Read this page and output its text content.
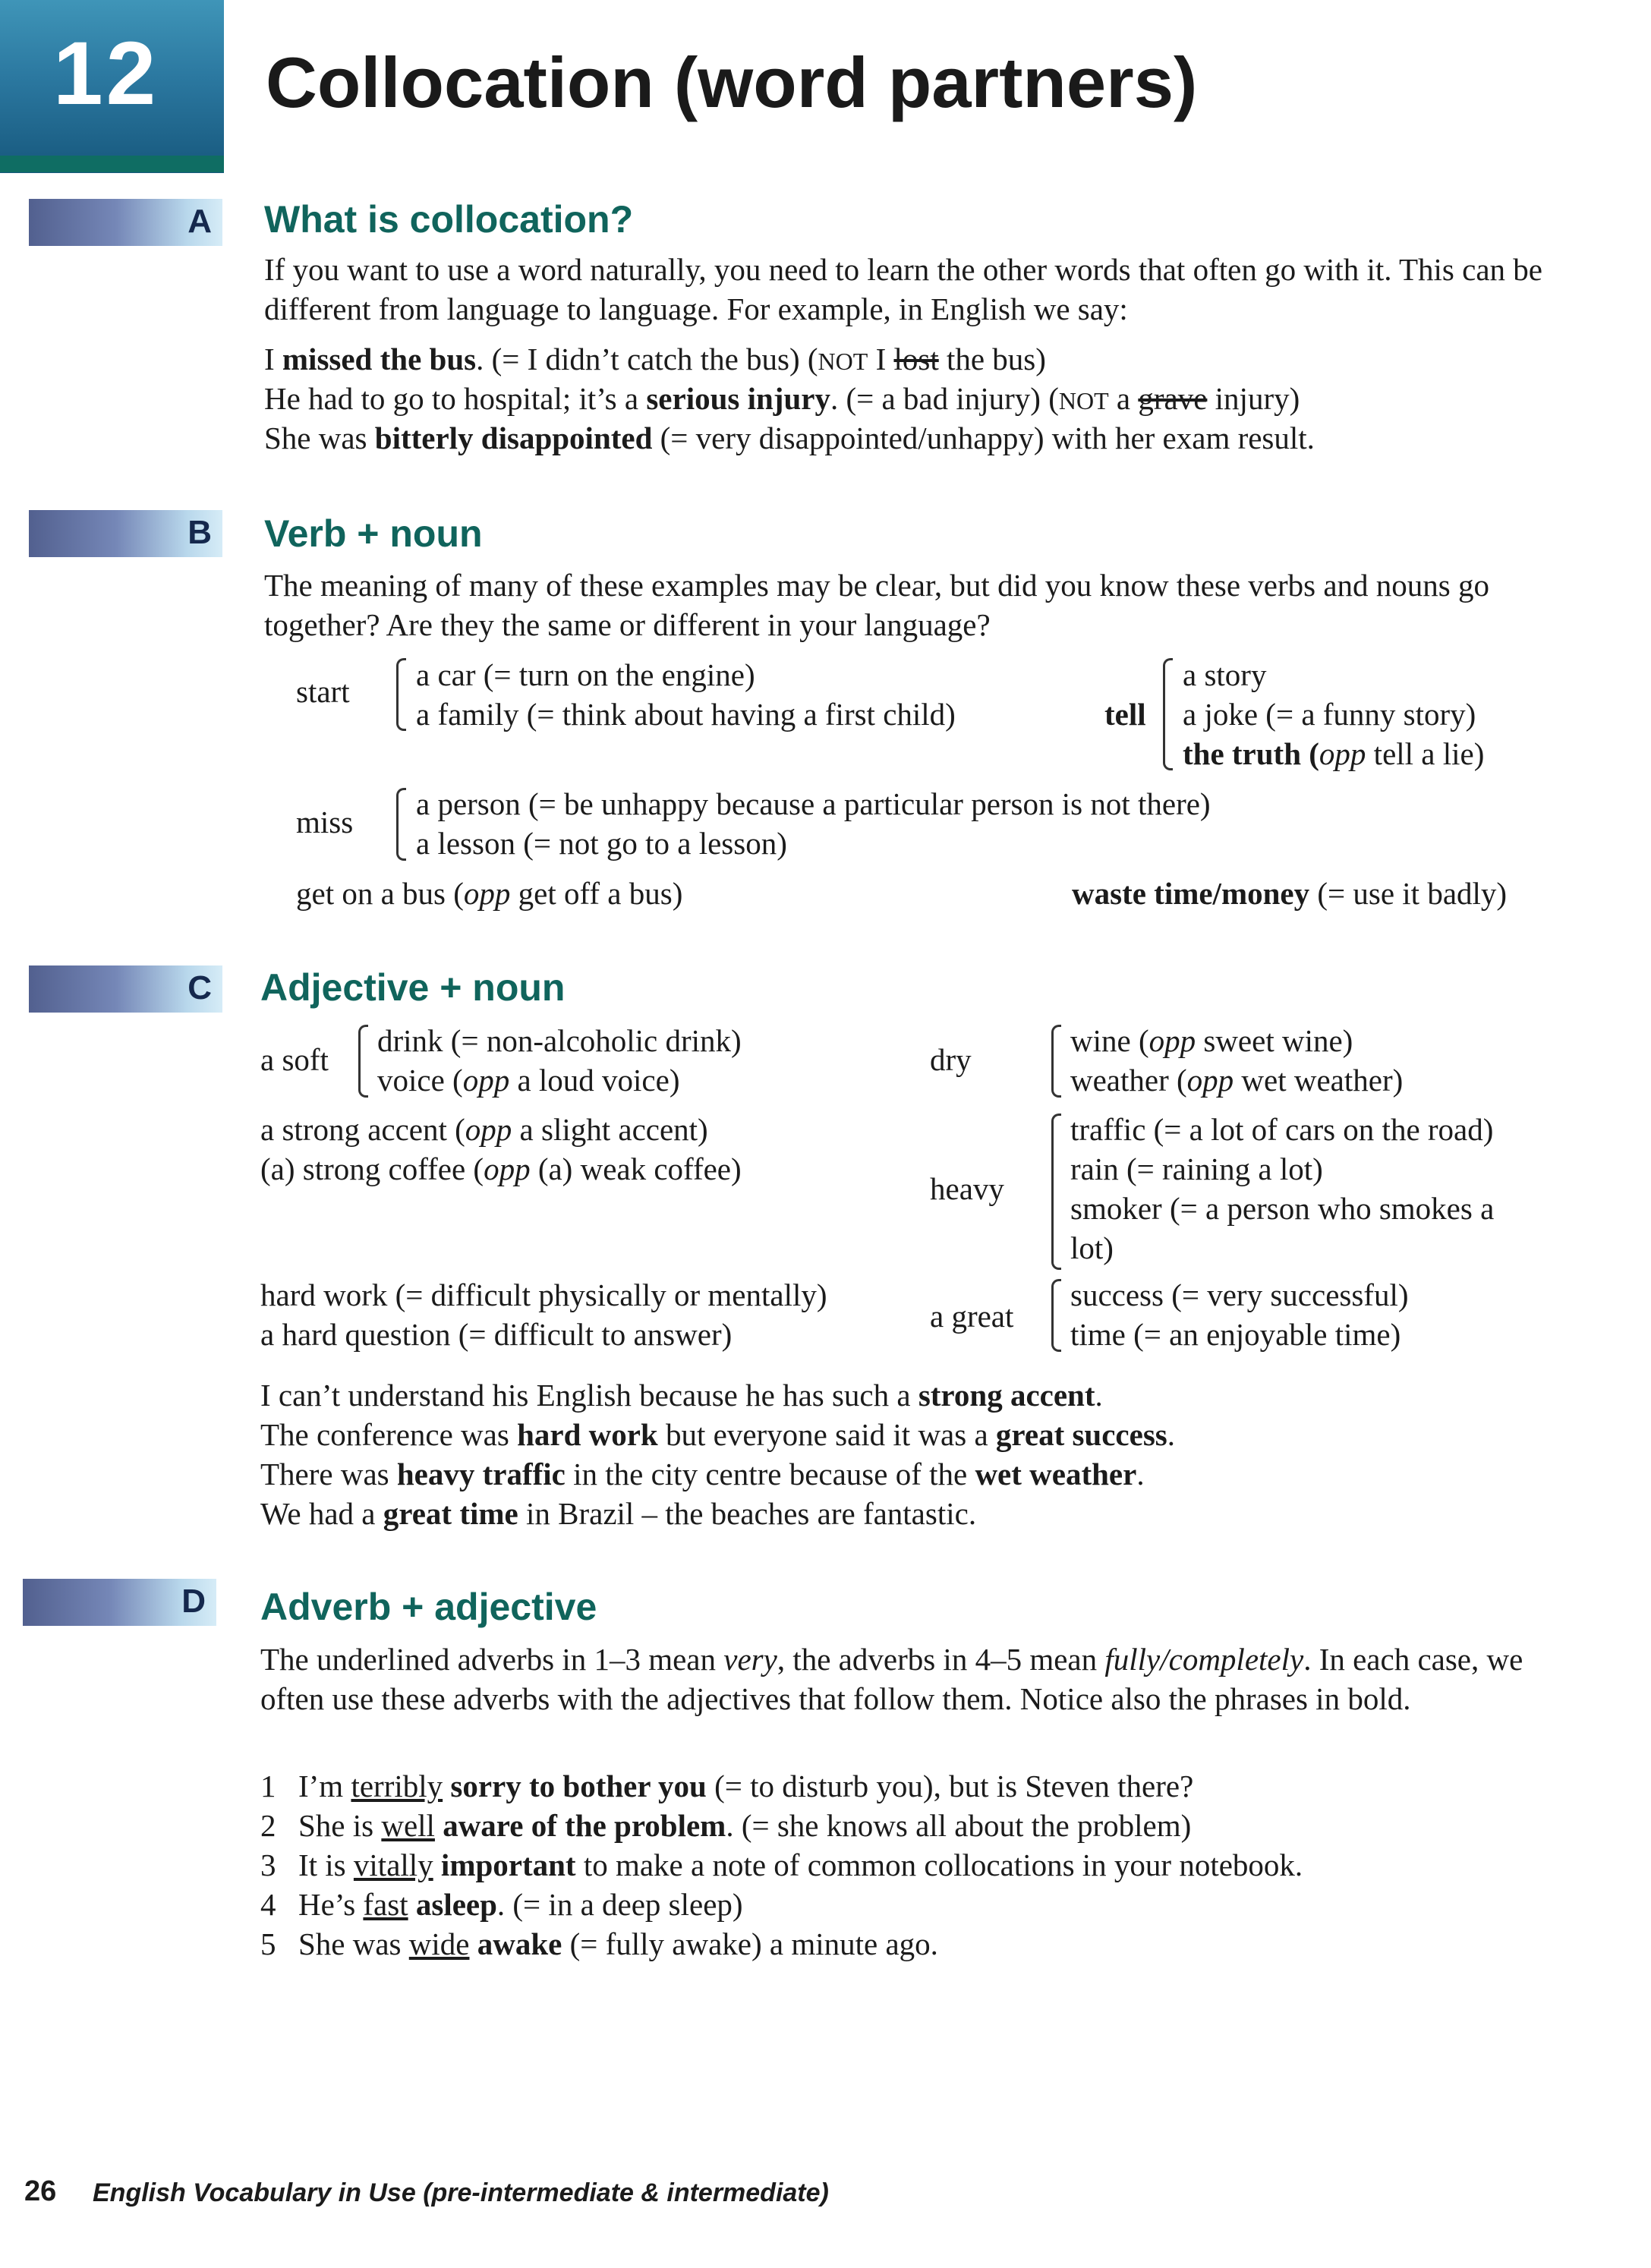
12 Collocation (word partners)
A What is collocation?
If you want to use a word naturally, you need to learn the other words that often go with it. This can be different from language to language. For example, in English we say:
I missed the bus. (= I didn’t catch the bus) (NOT I lost the bus)
He had to go to hospital; it’s a serious injury. (= a bad injury) (NOT a grave injury)
She was bitterly disappointed (= very disappointed/unhappy) with her exam result.
B Verb + noun
The meaning of many of these examples may be clear, but did you know these verbs and nouns go together? Are they the same or different in your language?
start a car (= turn on the engine)
a family (= think about having a first child)	tell
a story
a joke (= a funny story)
the truth (opp tell a lie)
miss
a person (= be unhappy because a particular person is not there)
a lesson (= not go to a lesson)
get on a bus (opp get off a bus)	waste time/money (= use it badly)
C Adjective + noun
a soft
drink (= non-alcoholic drink)
voice (opp a loud voice)
dry
wine (opp sweet wine)
weather (opp wet weather)
a strong accent (opp a slight accent)
(a) strong coffee (opp (a) weak coffee)
heavy
traffic (= a lot of cars on the road)
rain (= raining a lot)
smoker (= a person who smokes a
lot)
hard work (= difficult physically or mentally)
a hard question (= difficult to answer)
a great
success (= very successful)
time (= an enjoyable time)
I can’t understand his English because he has such a strong accent.
The conference was hard work but everyone said it was a great success.
There was heavy traffic in the city centre because of the wet weather.
We had a great time in Brazil – the beaches are fantastic.
D Adverb + adjective
The underlined adverbs in 1–3 mean very, the adverbs in 4–5 mean fully/completely. In each case, we often use these adverbs with the adjectives that follow them. Notice also the phrases in bold.
1 I’m terribly sorry to bother you (= to disturb you), but is Steven there?
2 She is well aware of the problem. (= she knows all about the problem)
3 It is vitally important to make a note of common collocations in your notebook.
4 He’s fast asleep. (= in a deep sleep)
5 She was wide awake (= fully awake) a minute ago.
26 English Vocabulary in Use (pre-intermediate & intermediate)
